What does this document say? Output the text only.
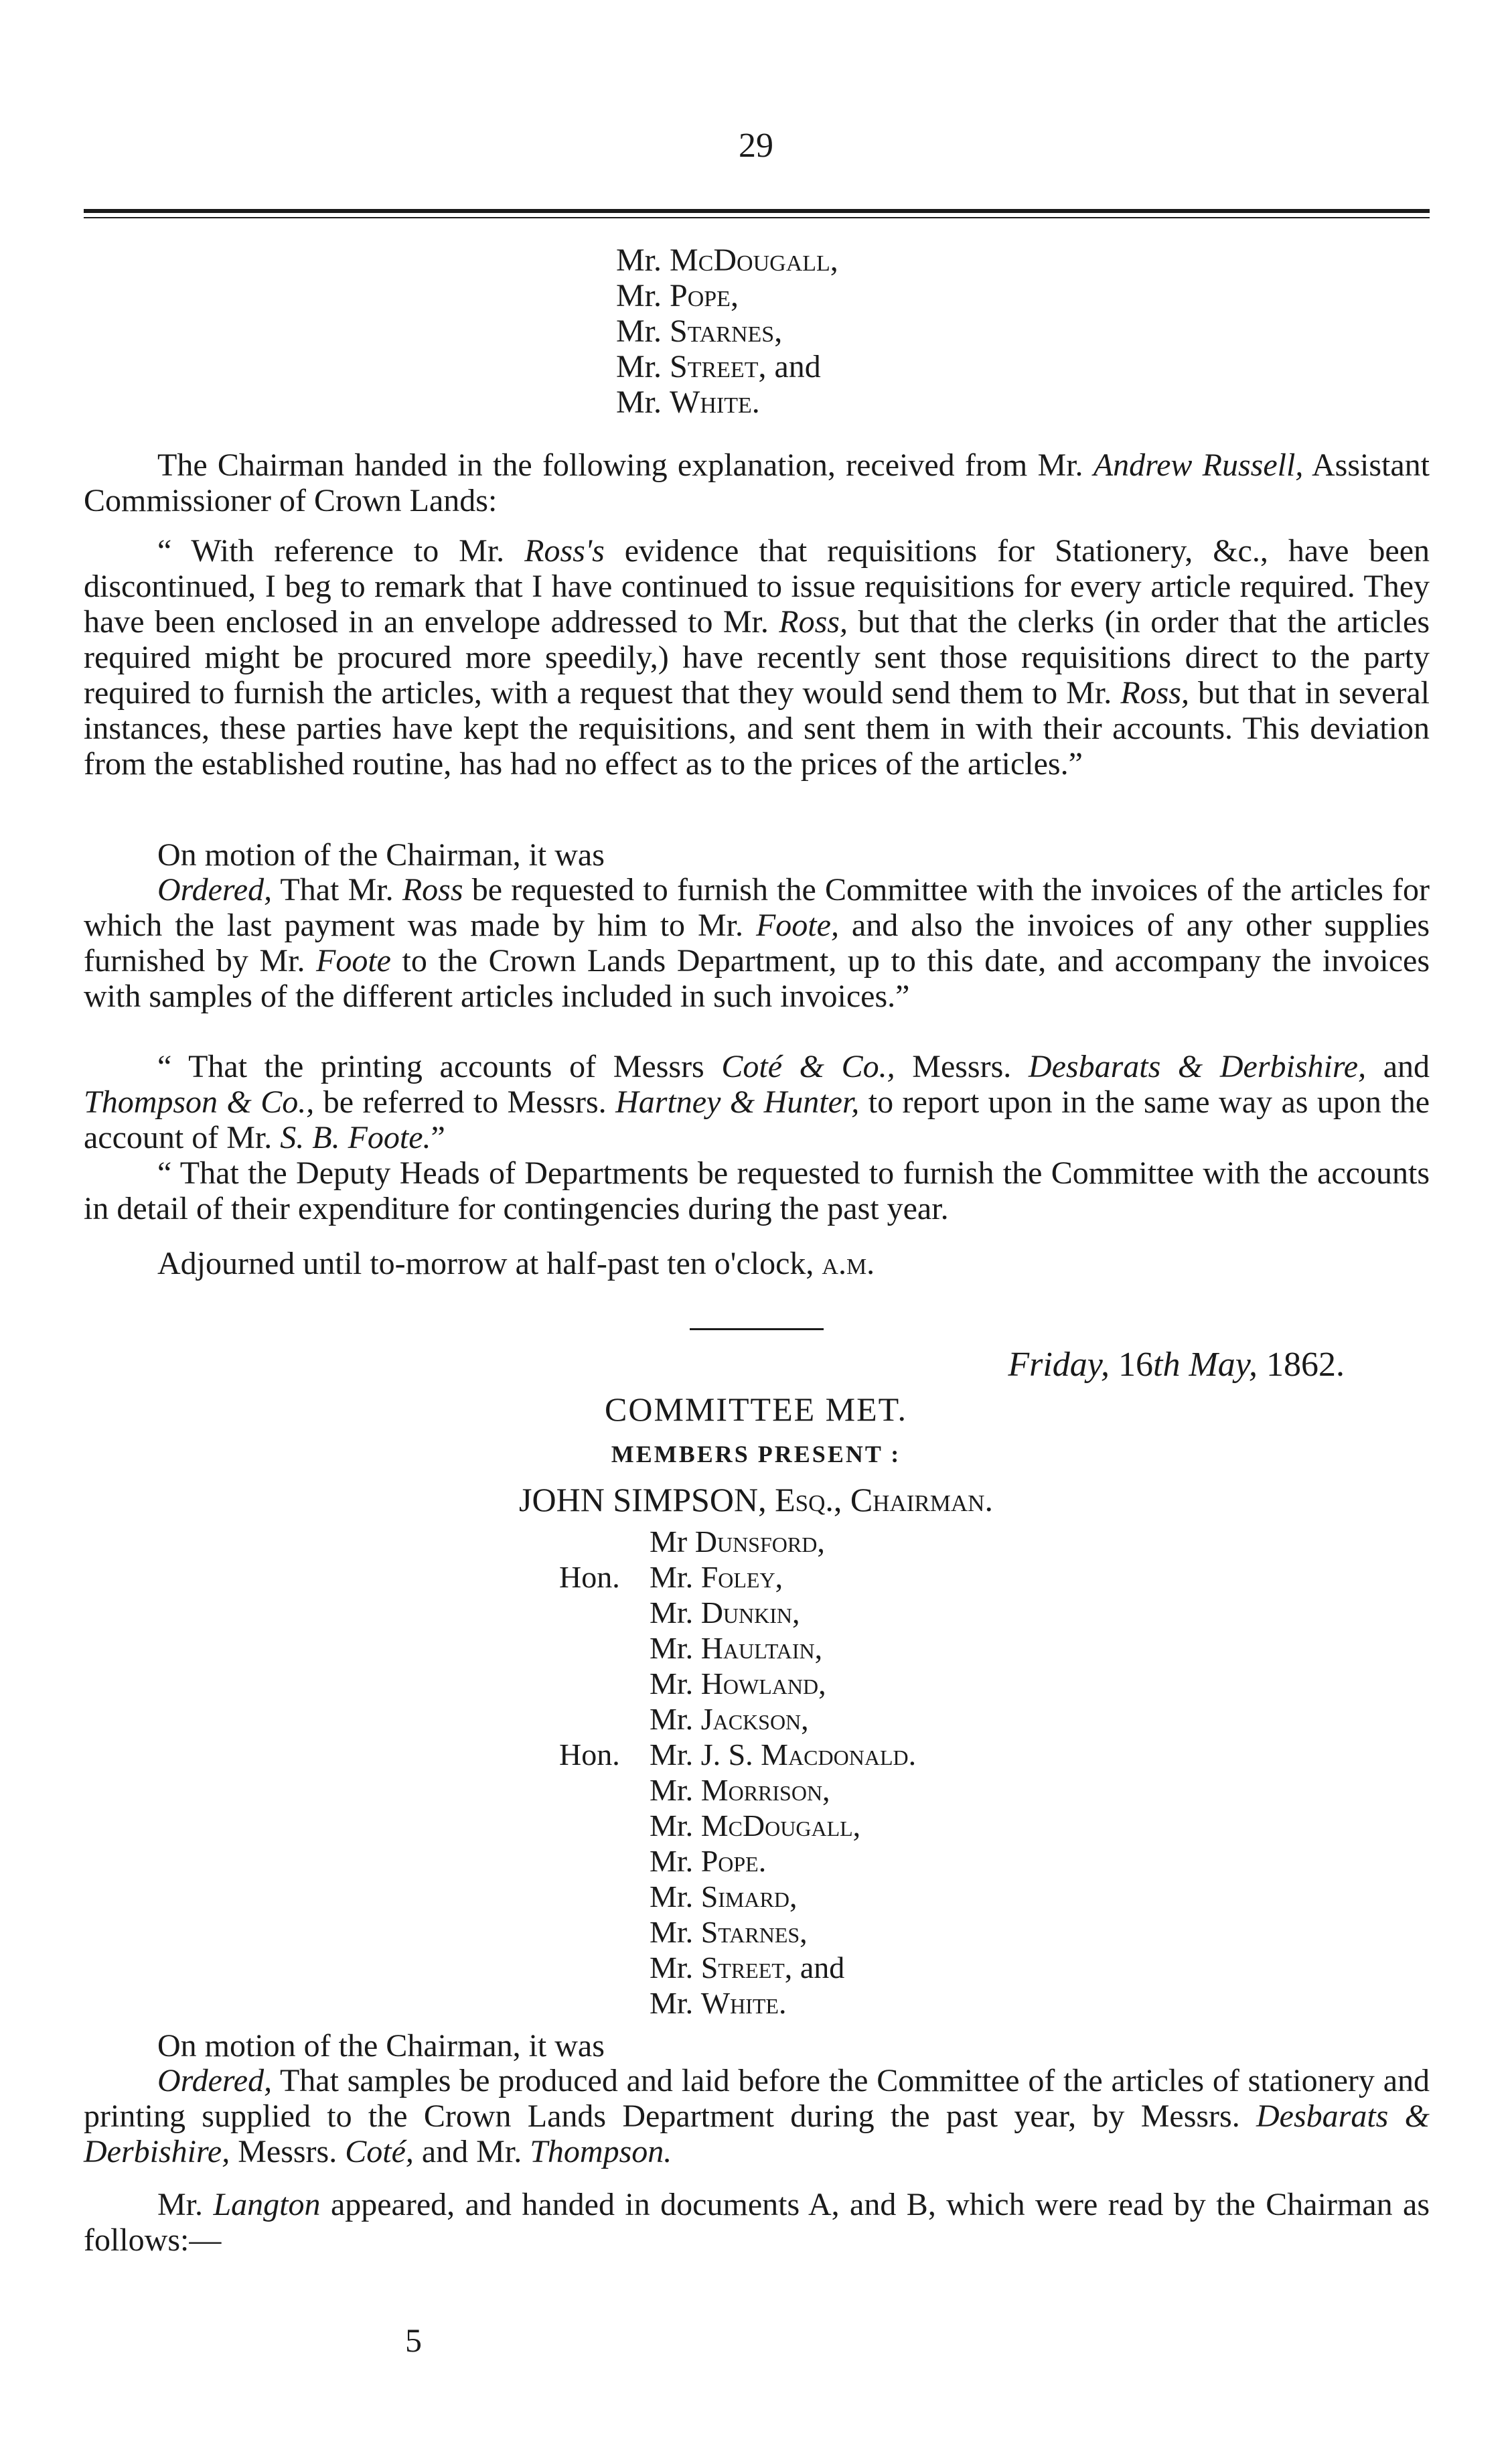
29
Mr. McDougall,
Mr. Pope,
Mr. Starnes,
Mr. Street, and
Mr. White.
The Chairman handed in the following explanation, received from Mr. Andrew Russell, Assistant Commissioner of Crown Lands:
“ With reference to Mr. Ross's evidence that requisitions for Stationery, &c., have been discontinued, I beg to remark that I have continued to issue requisitions for every article required. They have been enclosed in an envelope addressed to Mr. Ross, but that the clerks (in order that the articles required might be procured more speedily,) have recently sent those requisitions direct to the party required to furnish the articles, with a request that they would send them to Mr. Ross, but that in several instances, these parties have kept the requisitions, and sent them in with their accounts. This deviation from the established routine, has had no effect as to the prices of the articles.”
On motion of the Chairman, it was
Ordered, That Mr. Ross be requested to furnish the Committee with the invoices of the articles for which the last payment was made by him to Mr. Foote, and also the invoices of any other supplies furnished by Mr. Foote to the Crown Lands Department, up to this date, and accompany the invoices with samples of the different articles included in such invoices.”
“ That the printing accounts of Messrs Coté & Co., Messrs. Desbarats & Derbishire, and Thompson & Co., be referred to Messrs. Hartney & Hunter, to report upon in the same way as upon the account of Mr. S. B. Foote.”
“ That the Deputy Heads of Departments be requested to furnish the Committee with the accounts in detail of their expenditure for contingencies during the past year.
Adjourned until to-morrow at half-past ten o'clock, a.m.
Friday, 16th May, 1862.
COMMITTEE MET.
MEMBERS PRESENT :
JOHN SIMPSON, Esq., Chairman.
Mr Dunsford,
Hon. Mr. Foley,
Mr. Dunkin,
Mr. Haultain,
Mr. Howland,
Mr. Jackson,
Hon. Mr. J. S. Macdonald.
Mr. Morrison,
Mr. McDougall,
Mr. Pope.
Mr. Simard,
Mr. Starnes,
Mr. Street, and
Mr. White.
On motion of the Chairman, it was
Ordered, That samples be produced and laid before the Committee of the articles of stationery and printing supplied to the Crown Lands Department during the past year, by Messrs. Desbarats & Derbishire, Messrs. Coté, and Mr. Thompson.
Mr. Langton appeared, and handed in documents A, and B, which were read by the Chairman as follows:—
5
